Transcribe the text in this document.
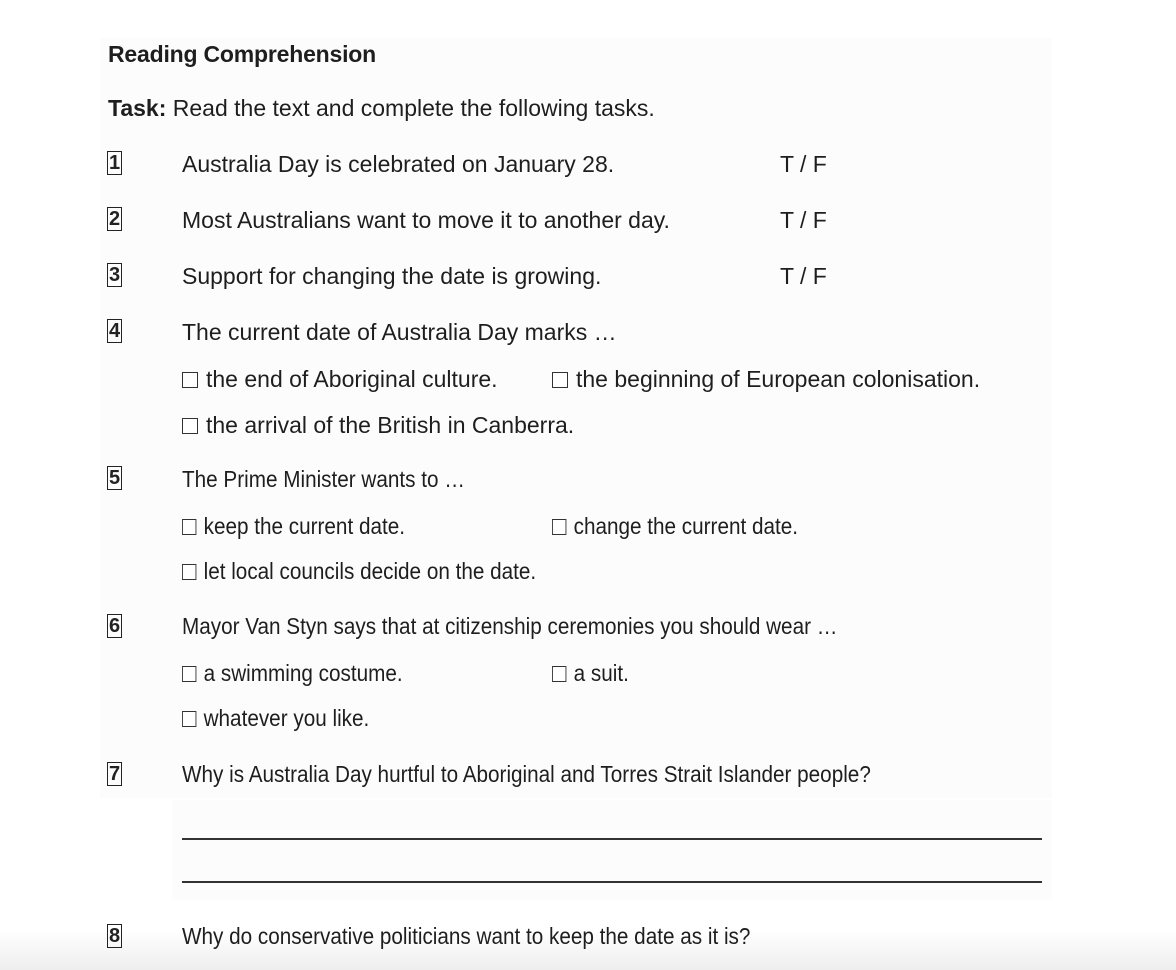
Reading Comprehension
Task: Read the text and complete the following tasks.
1	Australia Day is celebrated on January 28.	T / F
2	Most Australians want to move it to another day.	T / F
3	Support for changing the date is growing.	T / F
4	The current date of Australia Day marks …
the end of Aboriginal culture.	the beginning of European colonisation.
the arrival of the British in Canberra.
5	The Prime Minister wants to …
keep the current date.	change the current date.
let local councils decide on the date.
6	Mayor Van Styn says that at citizenship ceremonies you should wear …
a swimming costume.	a suit.
whatever you like.
7	Why is Australia Day hurtful to Aboriginal and Torres Strait Islander people?
8	Why do conservative politicians want to keep the date as it is?
